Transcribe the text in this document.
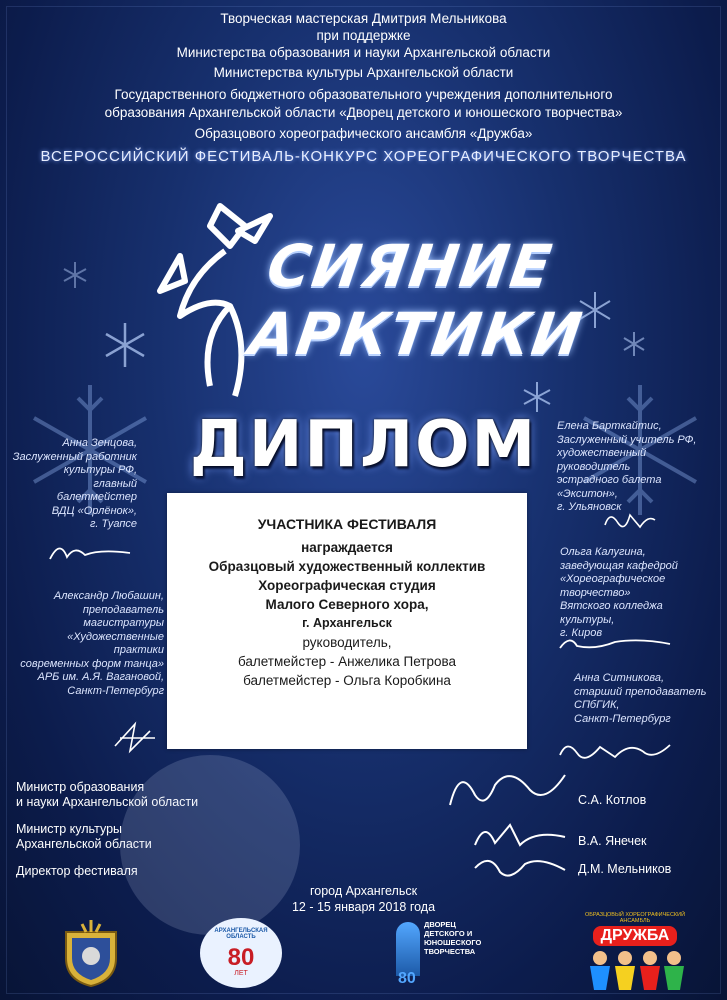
Творческая мастерская Дмитрия Мельникова
при поддержке
Министерства образования и науки Архангельской области
Министерства культуры Архангельской области
Государственного бюджетного образовательного учреждения дополнительного
образования Архангельской области «Дворец детского и юношеского творчества»
Образцового хореографического ансамбля «Дружба»
ВСЕРОССИЙСКИЙ ФЕСТИВАЛЬ-КОНКУРС ХОРЕОГРАФИЧЕСКОГО ТВОРЧЕСТВА
СИЯНИЕ
АРКТИКИ
ДИПЛОМ
УЧАСТНИКА ФЕСТИВАЛЯ
награждается
Образцовый художественный коллектив
Хореографическая студия
Малого Северного хора,
г. Архангельск
руководитель,
балетмейстер - Анжелика Петрова
балетмейстер - Ольга Коробкина
Анна Зенцова,
Заслуженный работник
культуры РФ,
главный балетмейстер
ВДЦ «Орлёнок»,
г. Туапсе
Александр Любашин,
преподаватель магистратуры
«Художественные практики
современных форм танца»
АРБ им. А.Я. Вагановой,
Санкт-Петербург
Елена Барткайтис,
Заслуженный учитель РФ,
художественный руководитель
эстрадного балета «Экситон»,
г. Ульяновск
Ольга Калугина,
заведующая кафедрой
«Хореографическое творчество»
Вятского колледжа культуры,
г. Киров
Анна Ситникова,
старший преподаватель
СПбГИК,
Санкт-Петербург
Министр образования
и науки Архангельской области
Министр культуры
Архангельской области
Директор фестиваля
С.А. Котлов
В.А. Янечек
Д.М. Мельников
город Архангельск
12 - 15 января 2018 года
АРХАНГЕЛЬСКАЯ ОБЛАСТЬ
80
ЛЕТ
ДВОРЕЦ
ДЕТСКОГО И
ЮНОШЕСКОГО
ТВОРЧЕСТВА
80
ОБРАЗЦОВЫЙ ХОРЕОГРАФИЧЕСКИЙ АНСАМБЛЬ
ДРУЖБА
